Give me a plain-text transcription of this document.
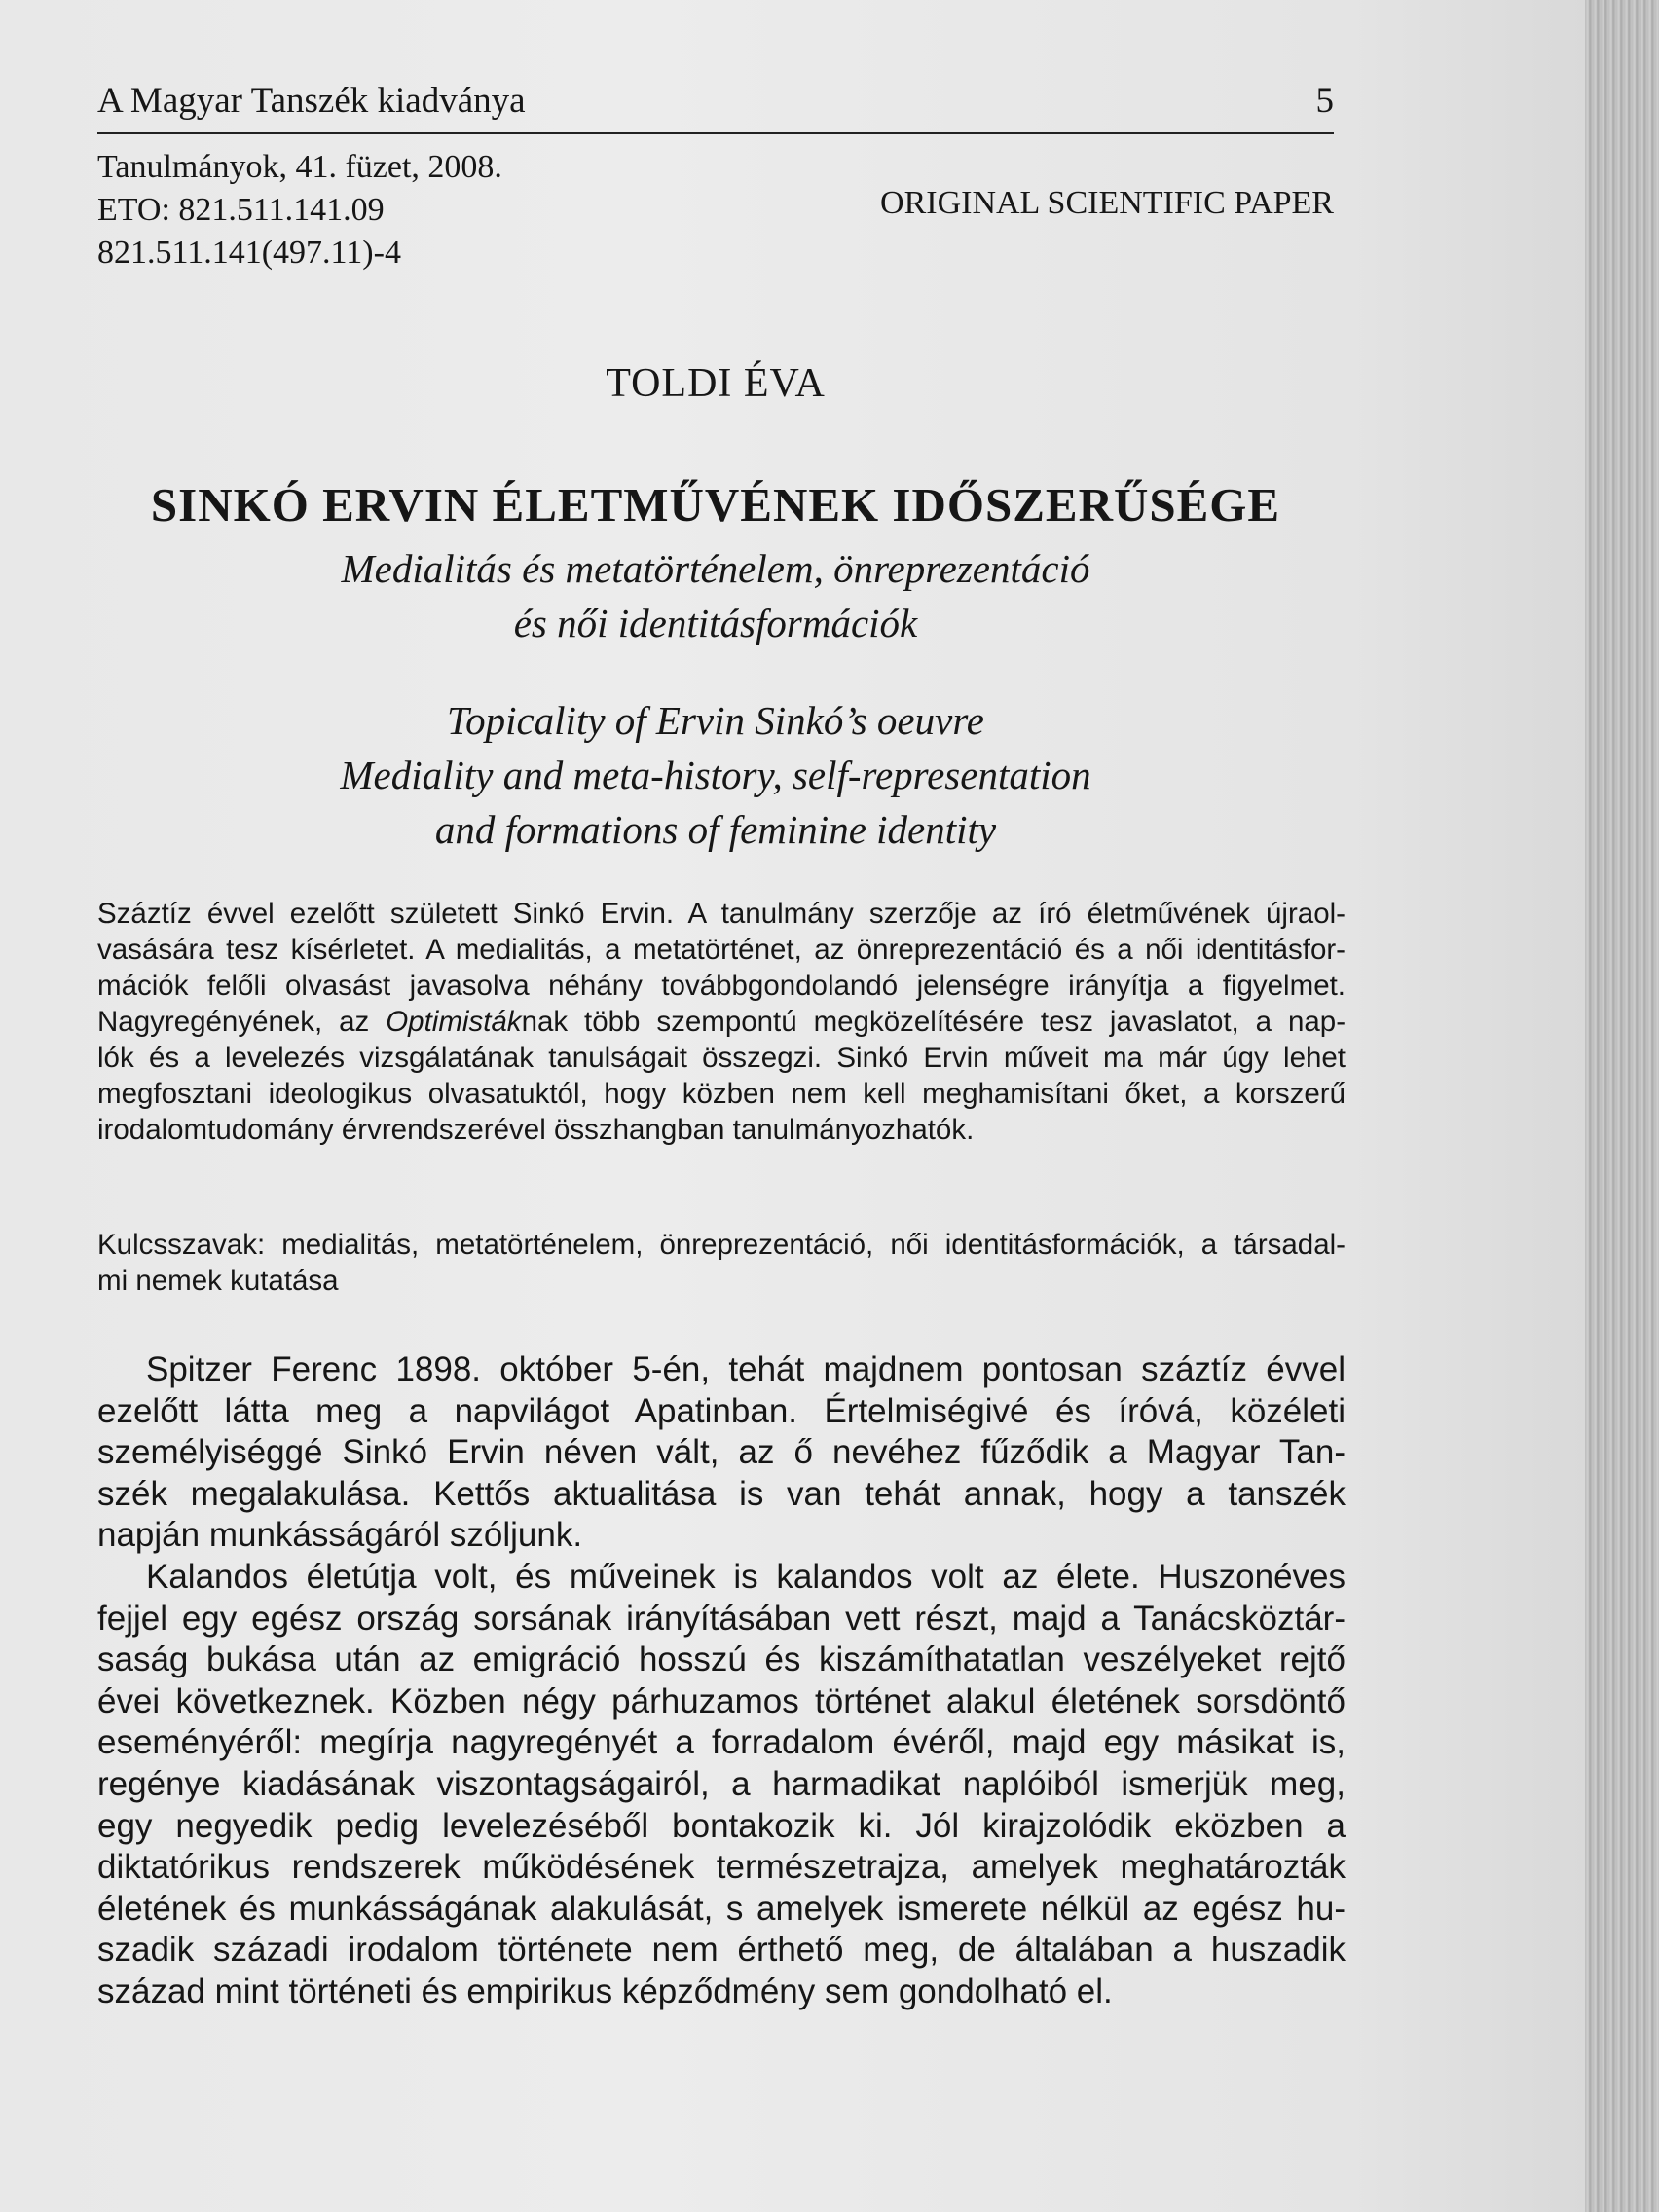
A Magyar Tanszék kiadványa	5
Tanulmányok, 41. füzet, 2008.
ETO: 821.511.141.09
821.511.141(497.11)-4
ORIGINAL SCIENTIFIC PAPER
TOLDI ÉVA
SINKÓ ERVIN ÉLETMŰVÉNEK IDŐSZERŰSÉGE
Medialitás és metatörténelem, önreprezentáció
és női identitásformációk
Topicality of Ervin Sinkó’s oeuvre
Mediality and meta-history, self-representation
and formations of feminine identity
Száztíz évvel ezelőtt született Sinkó Ervin. A tanulmány szerzője az író életművének újraol-
vasására tesz kísérletet. A medialitás, a metatörténet, az önreprezentáció és a női identitásfor-
mációk felőli olvasást javasolva néhány továbbgondolandó jelenségre irányítja a figyelmet.
Nagyregényének, az Optimistáknak több szempontú megközelítésére tesz javaslatot, a nap-
lók és a levelezés vizsgálatának tanulságait összegzi. Sinkó Ervin műveit ma már úgy lehet
megfosztani ideologikus olvasatuktól, hogy közben nem kell meghamisítani őket, a korszerű
irodalomtudomány érvrendszerével összhangban tanulmányozhatók.
Kulcsszavak: medialitás, metatörténelem, önreprezentáció, női identitásformációk, a társadal-
mi nemek kutatása
Spitzer Ferenc 1898. október 5-én, tehát majdnem pontosan száztíz évvel
ezelőtt látta meg a napvilágot Apatinban. Értelmiségivé és íróvá, közéleti
személyiséggé Sinkó Ervin néven vált, az ő nevéhez fűződik a Magyar Tan-
szék megalakulása. Kettős aktualitása is van tehát annak, hogy a tanszék
napján munkásságáról szóljunk.
Kalandos életútja volt, és műveinek is kalandos volt az élete. Huszonéves
fejjel egy egész ország sorsának irányításában vett részt, majd a Tanácsköztár-
saság bukása után az emigráció hosszú és kiszámíthatatlan veszélyeket rejtő
évei következnek. Közben négy párhuzamos történet alakul életének sorsdöntő
eseményéről: megírja nagyregényét a forradalom évéről, majd egy másikat is,
regénye kiadásának viszontagságairól, a harmadikat naplóiból ismerjük meg,
egy negyedik pedig levelezéséből bontakozik ki. Jól kirajzolódik eközben a
diktatórikus rendszerek működésének természetrajza, amelyek meghatározták
életének és munkásságának alakulását, s amelyek ismerete nélkül az egész hu-
szadik századi irodalom története nem érthető meg, de általában a huszadik
század mint történeti és empirikus képződmény sem gondolható el.
